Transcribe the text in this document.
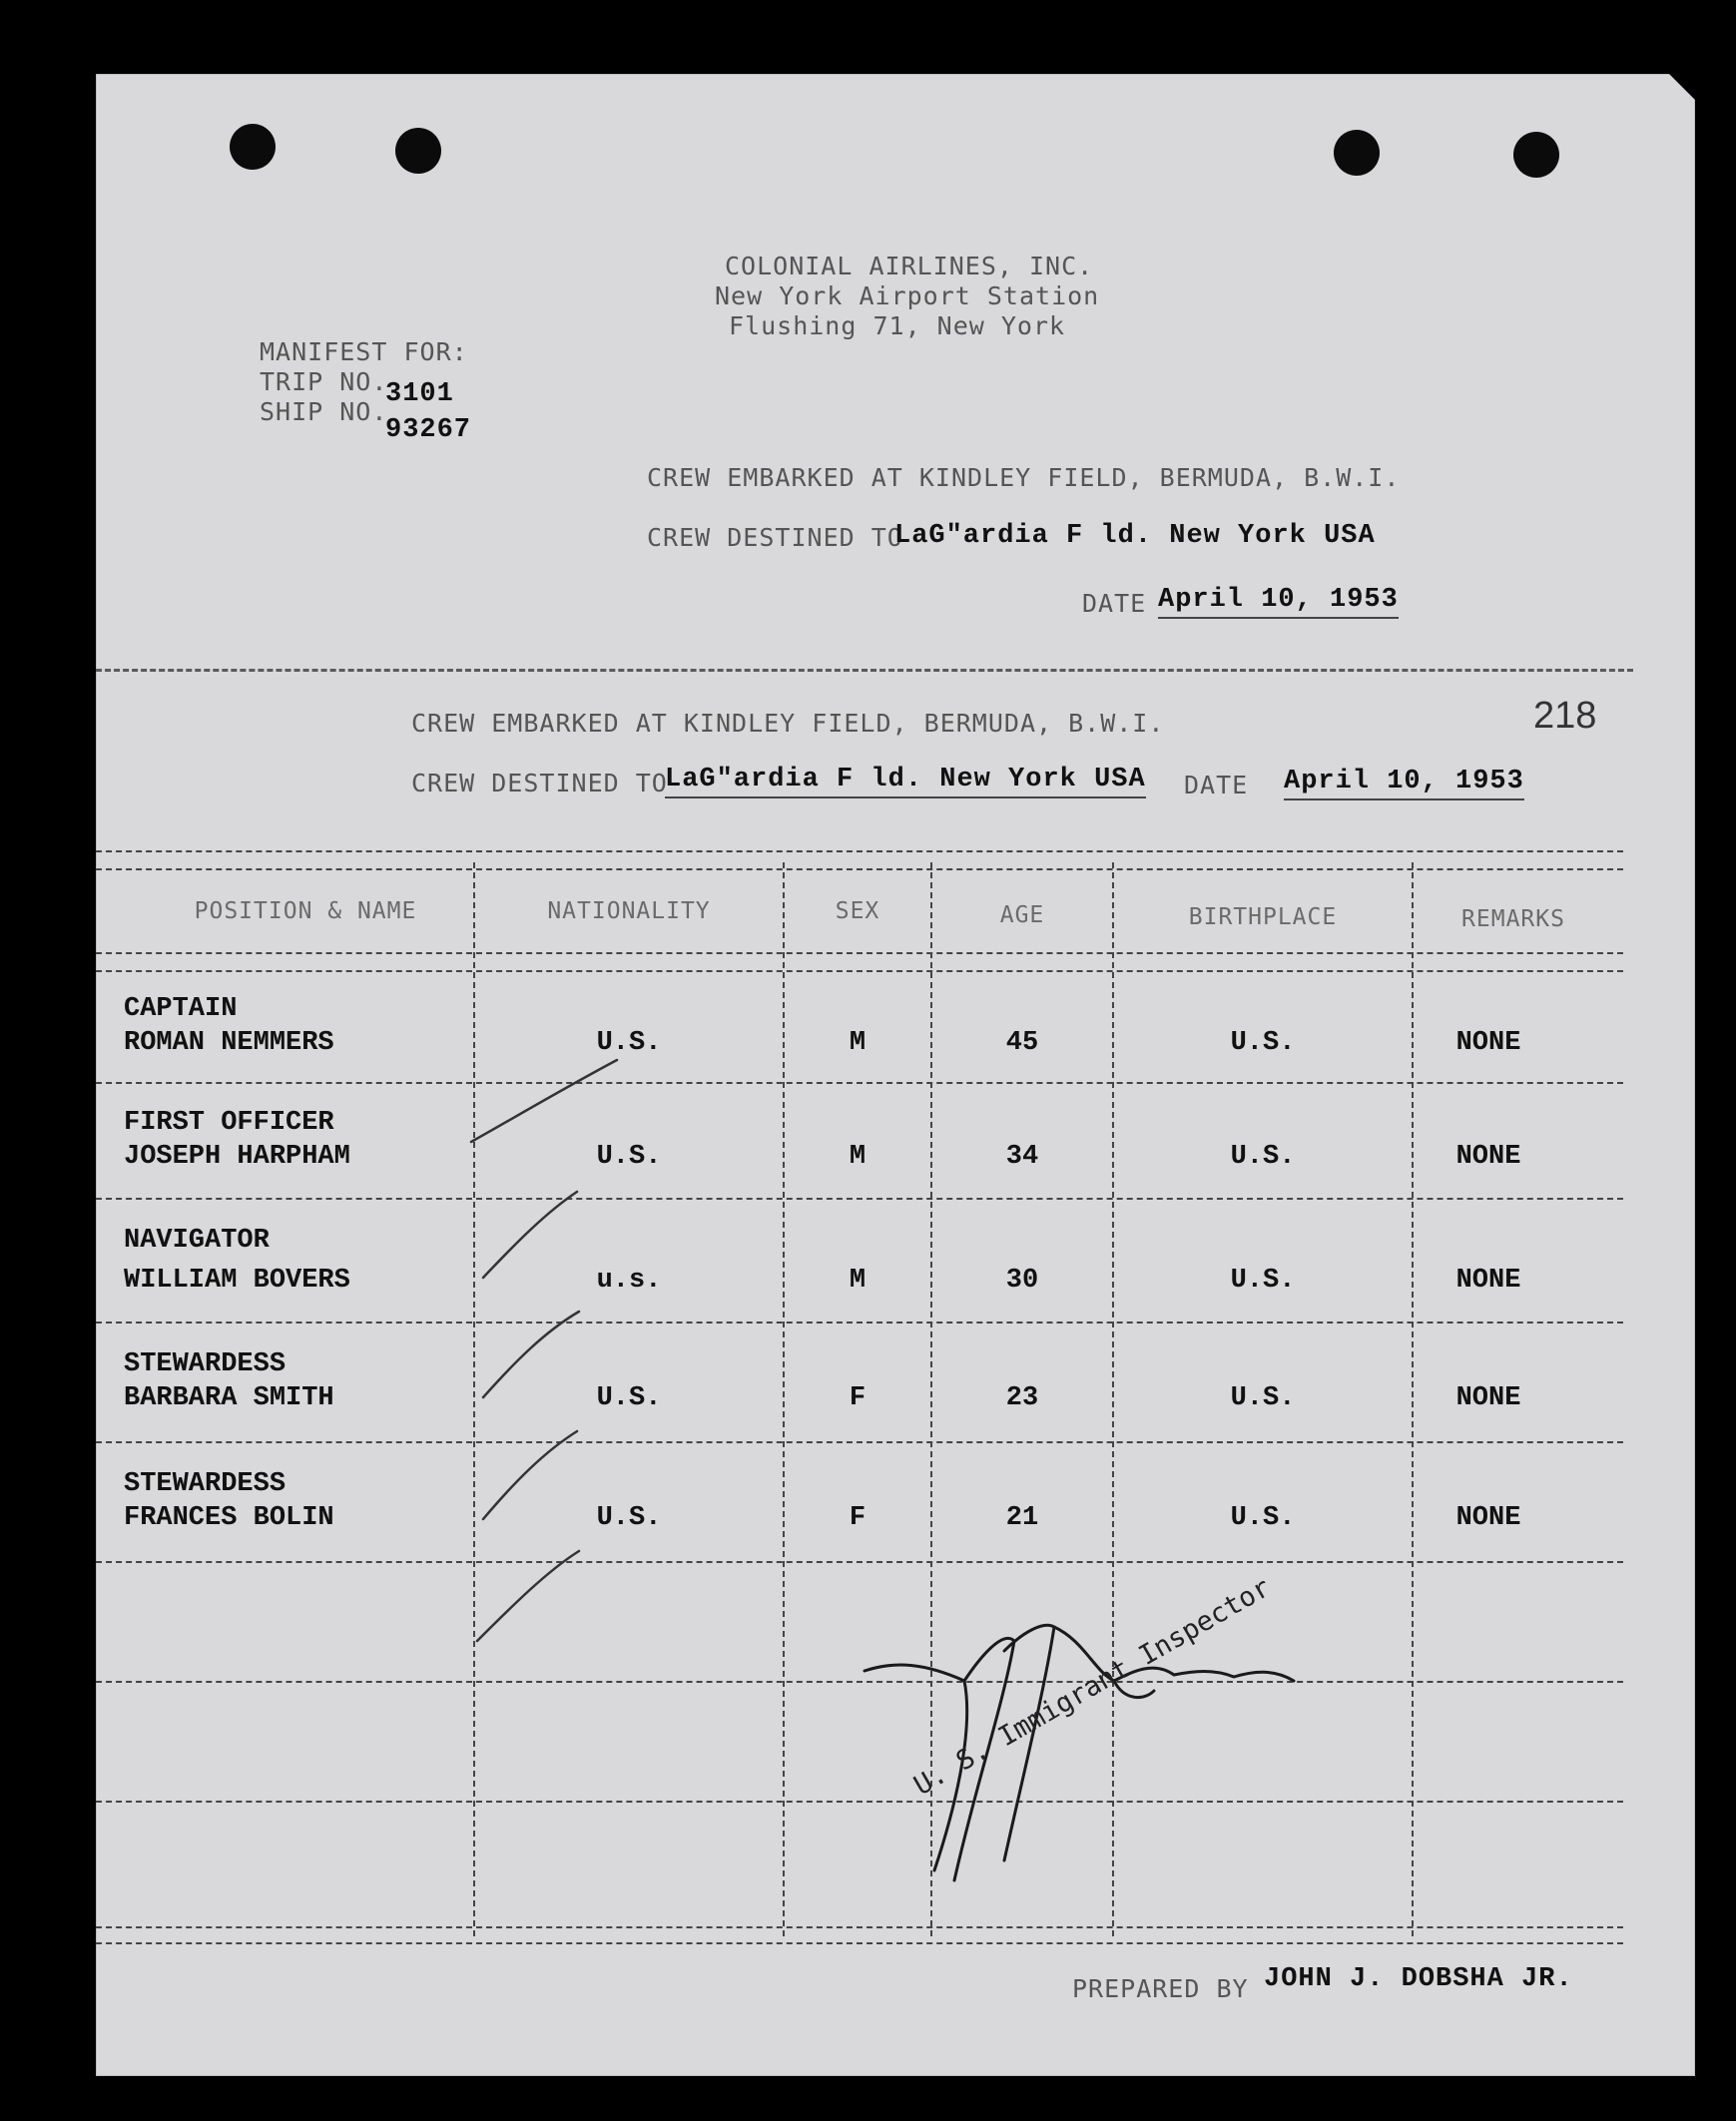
COLONIAL AIRLINES, INC.
New York Airport Station
Flushing 71, New York
MANIFEST FOR:
TRIP NO.
3101
SHIP NO.
93267
CREW EMBARKED AT KINDLEY FIELD, BERMUDA, B.W.I.
CREW DESTINED TO
LaG"ardia F ld. New York USA
DATE April 10, 1953
218
CREW EMBARKED AT KINDLEY FIELD, BERMUDA, B.W.I.
CREW DESTINED TO
LaG"ardia F ld. New York USA DATE April 10, 1953
POSITION & NAME	NATIONALITY	SEX	AGE	BIRTHPLACE	REMARKS
CAPTAIN
ROMAN NEMMERS	U.S.	M	45	U.S.	NONE
FIRST OFFICER
JOSEPH HARPHAM	U.S.	M	34	U.S.	NONE
NAVIGATOR
WILLIAM BOVERS	u.s.	M	30	U.S.	NONE
STEWARDESS
BARBARA SMITH	U.S.	F	23	U.S.	NONE
STEWARDESS
FRANCES BOLIN	U.S.	F	21	U.S.	NONE
U. S. Immigrant Inspector
PREPARED BY JOHN J. DOBSHA JR.
